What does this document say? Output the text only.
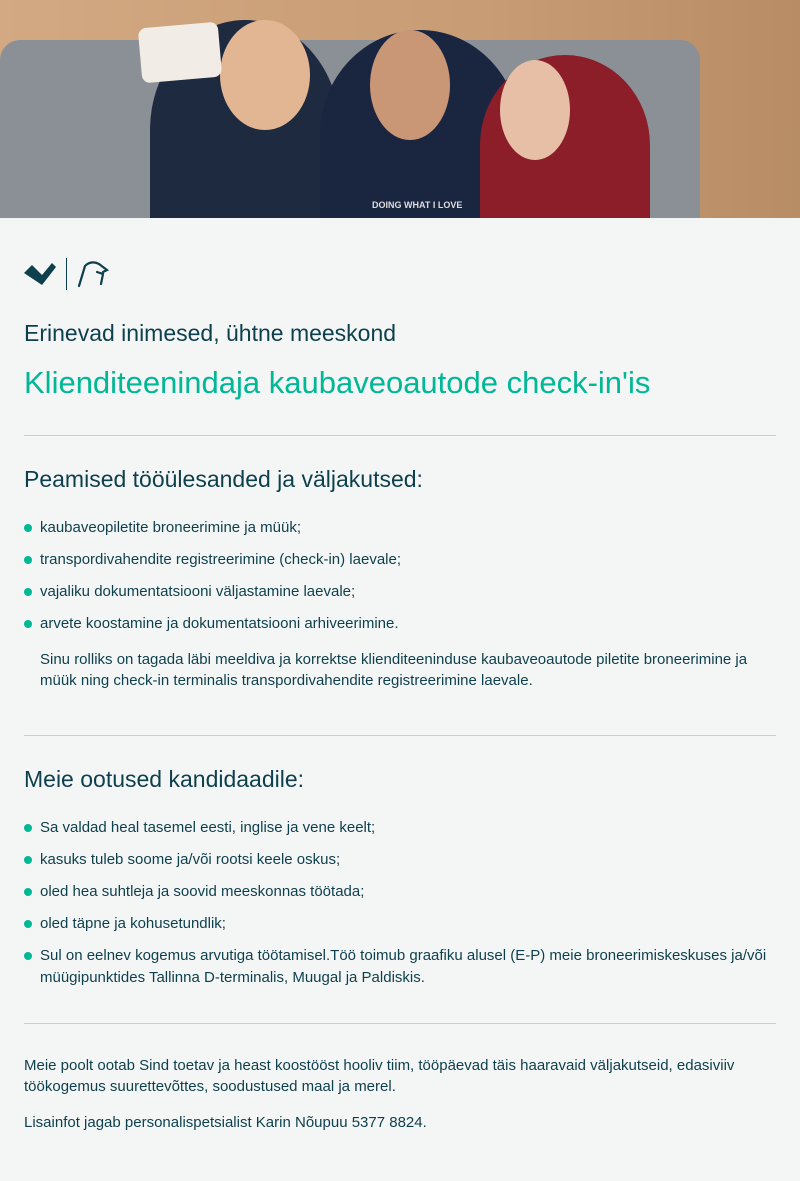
DOING WHAT I LOVE
Erinevad inimesed, ühtne meeskond
Klienditeenindaja kaubaveoautode check-in'is
Peamised tööülesanded ja väljakutsed:
kaubaveopiletite broneerimine ja müük;
transpordivahendite registreerimine (check-in) laevale;
vajaliku dokumentatsiooni väljastamine laevale;
arvete koostamine ja dokumentatsiooni arhiveerimine.

Sinu rolliks on tagada läbi meeldiva ja korrektse klienditeeninduse kaubaveoautode piletite broneerimine ja müük ning check-in terminalis transpordivahendite registreerimine laevale.

Meie ootused kandidaadile:
Sa valdad heal tasemel eesti, inglise ja vene keelt;
kasuks tuleb soome ja/või rootsi keele oskus;
oled hea suhtleja ja soovid meeskonnas töötada;
oled täpne ja kohusetundlik;
Sul on eelnev kogemus arvutiga töötamisel.Töö toimub graafiku alusel (E-P) meie broneerimiskeskuses ja/või müügipunktides Tallinna D-terminalis, Muugal ja Paldiskis.

Meie poolt ootab Sind toetav ja heast koostööst hooliv tiim, tööpäevad täis haaravaid väljakutseid, edasiviiv töökogemus suurettevõttes, soodustused maal ja merel.

Lisainfot jagab personalispetsialist Karin Nõupuu 5377 8824.
